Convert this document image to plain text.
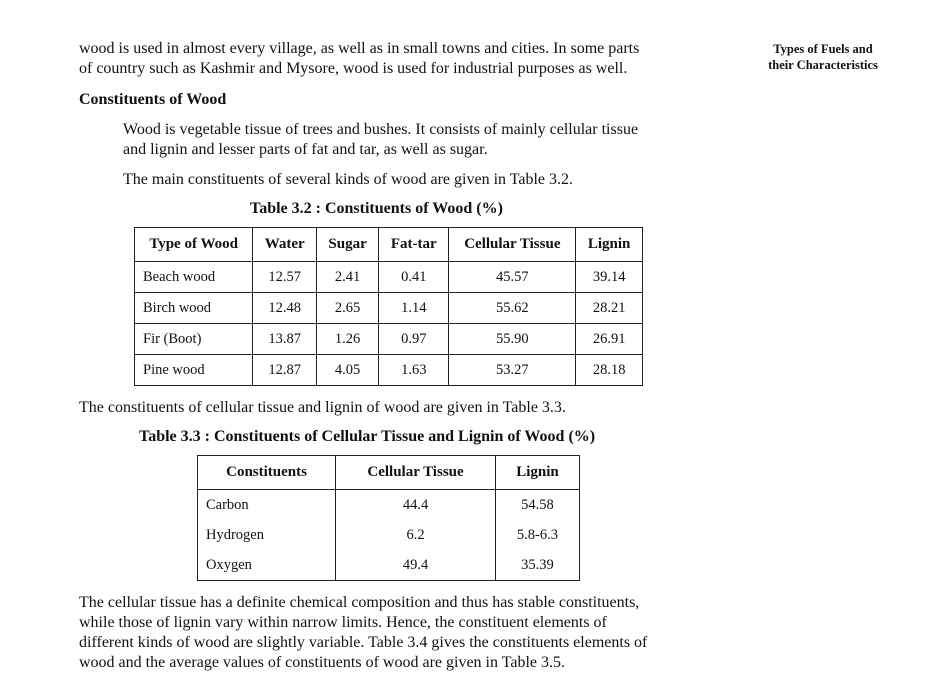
Types of Fuels and
their Characteristics
wood is used in almost every village, as well as in small towns and cities. In some parts
of country such as Kashmir and Mysore, wood is used for industrial purposes as well.
Constituents of Wood
Wood is vegetable tissue of trees and bushes. It consists of mainly cellular tissue
and lignin and lesser parts of fat and tar, as well as sugar.
The main constituents of several kinds of wood are given in Table 3.2.
Table 3.2 : Constituents of Wood (%)
Type of Wood	Water	Sugar	Fat-tar	Cellular Tissue	Lignin
Beach wood	12.57	2.41	0.41	45.57	39.14
Birch wood	12.48	2.65	1.14	55.62	28.21
Fir (Boot)	13.87	1.26	0.97	55.90	26.91
Pine wood	12.87	4.05	1.63	53.27	28.18
The constituents of cellular tissue and lignin of wood are given in Table 3.3.
Table 3.3 : Constituents of Cellular Tissue and Lignin of Wood (%)
Constituents	Cellular Tissue	Lignin
Carbon	44.4	54.58
Hydrogen	6.2	5.8-6.3
Oxygen	49.4	35.39
The cellular tissue has a definite chemical composition and thus has stable constituents,
while those of lignin vary within narrow limits. Hence, the constituent elements of
different kinds of wood are slightly variable. Table 3.4 gives the constituents elements of
wood and the average values of constituents of wood are given in Table 3.5.
